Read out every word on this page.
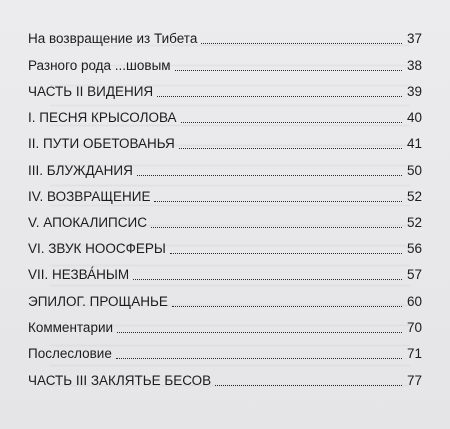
На возвращение из Тибета	37
Разного рода ...шовым	38
ЧАСТЬ II ВИДЕНИЯ	39
I. ПЕСНЯ КРЫСОЛОВА	40
II. ПУТИ ОБЕТОВАНЬЯ	41
III. БЛУЖДАНИЯ	50
IV. ВОЗВРАЩЕНИЕ	52
V. АПОКАЛИПСИС	52
VI. ЗВУК НООСФЕРЫ	56
VII. НЕЗВА́НЫМ	57
ЭПИЛОГ. ПРОЩАНЬЕ	60
Комментарии	70
Послесловие	71
ЧАСТЬ III ЗАКЛЯТЬЕ БЕСОВ	77
